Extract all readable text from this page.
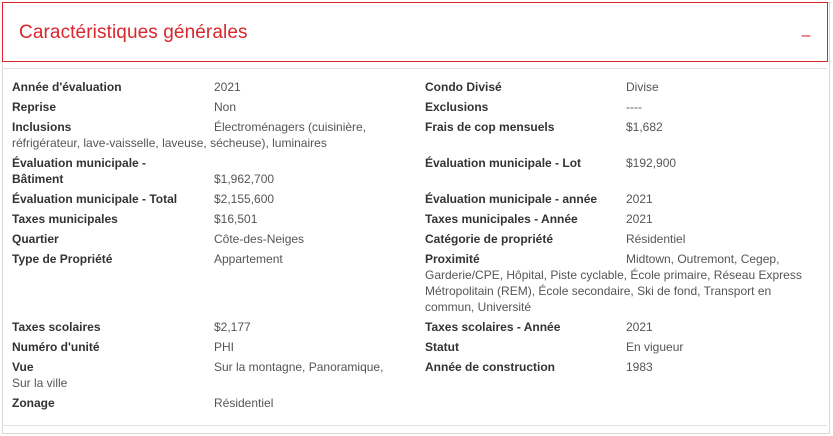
Caractéristiques générales	–
Année d'évaluation	2021
Reprise	Non
Inclusions	Électroménagers (cuisinière,
réfrigérateur, lave-vaisselle, laveuse, sécheuse), luminaires
Évaluation municipale -
Bâtiment	$1,962,700
Évaluation municipale - Total	$2,155,600
Taxes municipales	$16,501
Quartier	Côte-des-Neiges
Type de Propriété	Appartement
Taxes scolaires	$2,177
Numéro d'unité	PHI
Vue	Sur la montagne, Panoramique,
Sur la ville
Zonage	Résidentiel
Condo Divisé	Divise
Exclusions	----
Frais de cop mensuels	$1,682
Évaluation municipale - Lot	$192,900
Évaluation municipale - année 2021
Taxes municipales - Année	2021
Catégorie de propriété	Résidentiel
Proximité	Midtown, Outremont, Cegep,
Garderie/CPE, Hôpital, Piste cyclable, École primaire, Réseau Express
Métropolitain (REM), École secondaire, Ski de fond, Transport en
commun, Université
Taxes scolaires - Année	2021
Statut	En vigueur
Année de construction	1983
